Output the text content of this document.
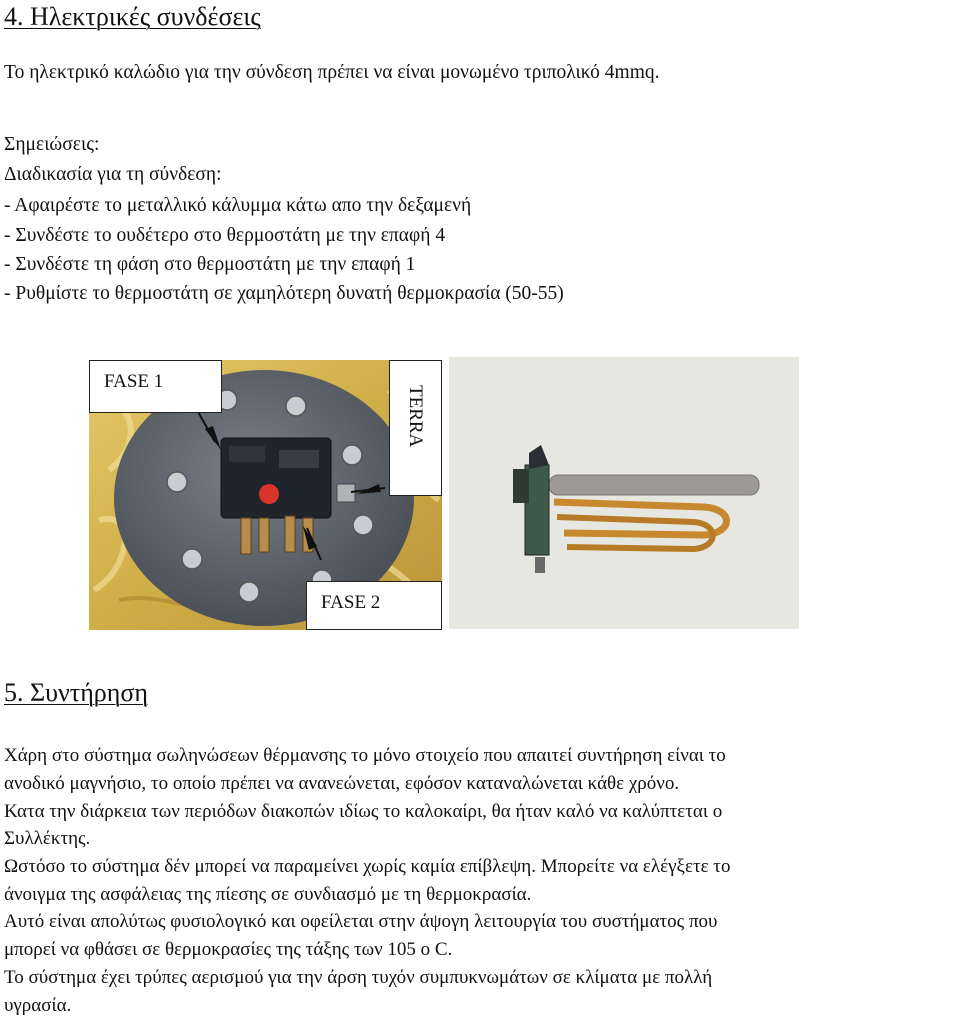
4. Ηλεκτρικές συνδέσεις
Το ηλεκτρικό καλώδιο για την σύνδεση πρέπει να είναι μονωμένο τριπολικό 4mmq.
Σημειώσεις:
Διαδικασία για τη σύνδεση:
- Αφαιρέστε το μεταλλικό κάλυμμα κάτω απο την δεξαμενή
- Συνδέστε το ουδέτερο στο θερμοστάτη με την επαφή 4
- Συνδέστε τη φάση στο θερμοστάτη με την επαφή 1
- Ρυθμίστε το θερμοστάτη σε χαμηλότερη δυνατή θερμοκρασία (50-55)
FASE 1
TERRA
FASE 2
5. Συντήρηση
Χάρη στο σύστημα σωληνώσεων θέρμανσης το μόνο στοιχείο που απαιτεί συντήρηση είναι το
ανοδικό μαγνήσιο, το οποίο πρέπει να ανανεώνεται, εφόσον καταναλώνεται κάθε χρόνο.
Κατα την διάρκεια των περιόδων διακοπών ιδίως το καλοκαίρι, θα ήταν καλό να καλύπτεται ο
Συλλέκτης.
Ωστόσο το σύστημα δέν μπορεί να παραμείνει χωρίς καμία επίβλεψη. Μπορείτε να ελέγξετε το
άνοιγμα της ασφάλειας της πίεσης σε συνδιασμό με τη θερμοκρασία.
Αυτό είναι απολύτως φυσιολογικό και οφείλεται στην άψογη λειτουργία του συστήματος που
μπορεί να φθάσει σε θερμοκρασίες της τάξης των 105 ο C.
Το σύστημα έχει τρύπες αερισμού για την άρση τυχόν συμπυκνωμάτων σε κλίματα με πολλή
υγρασία.
